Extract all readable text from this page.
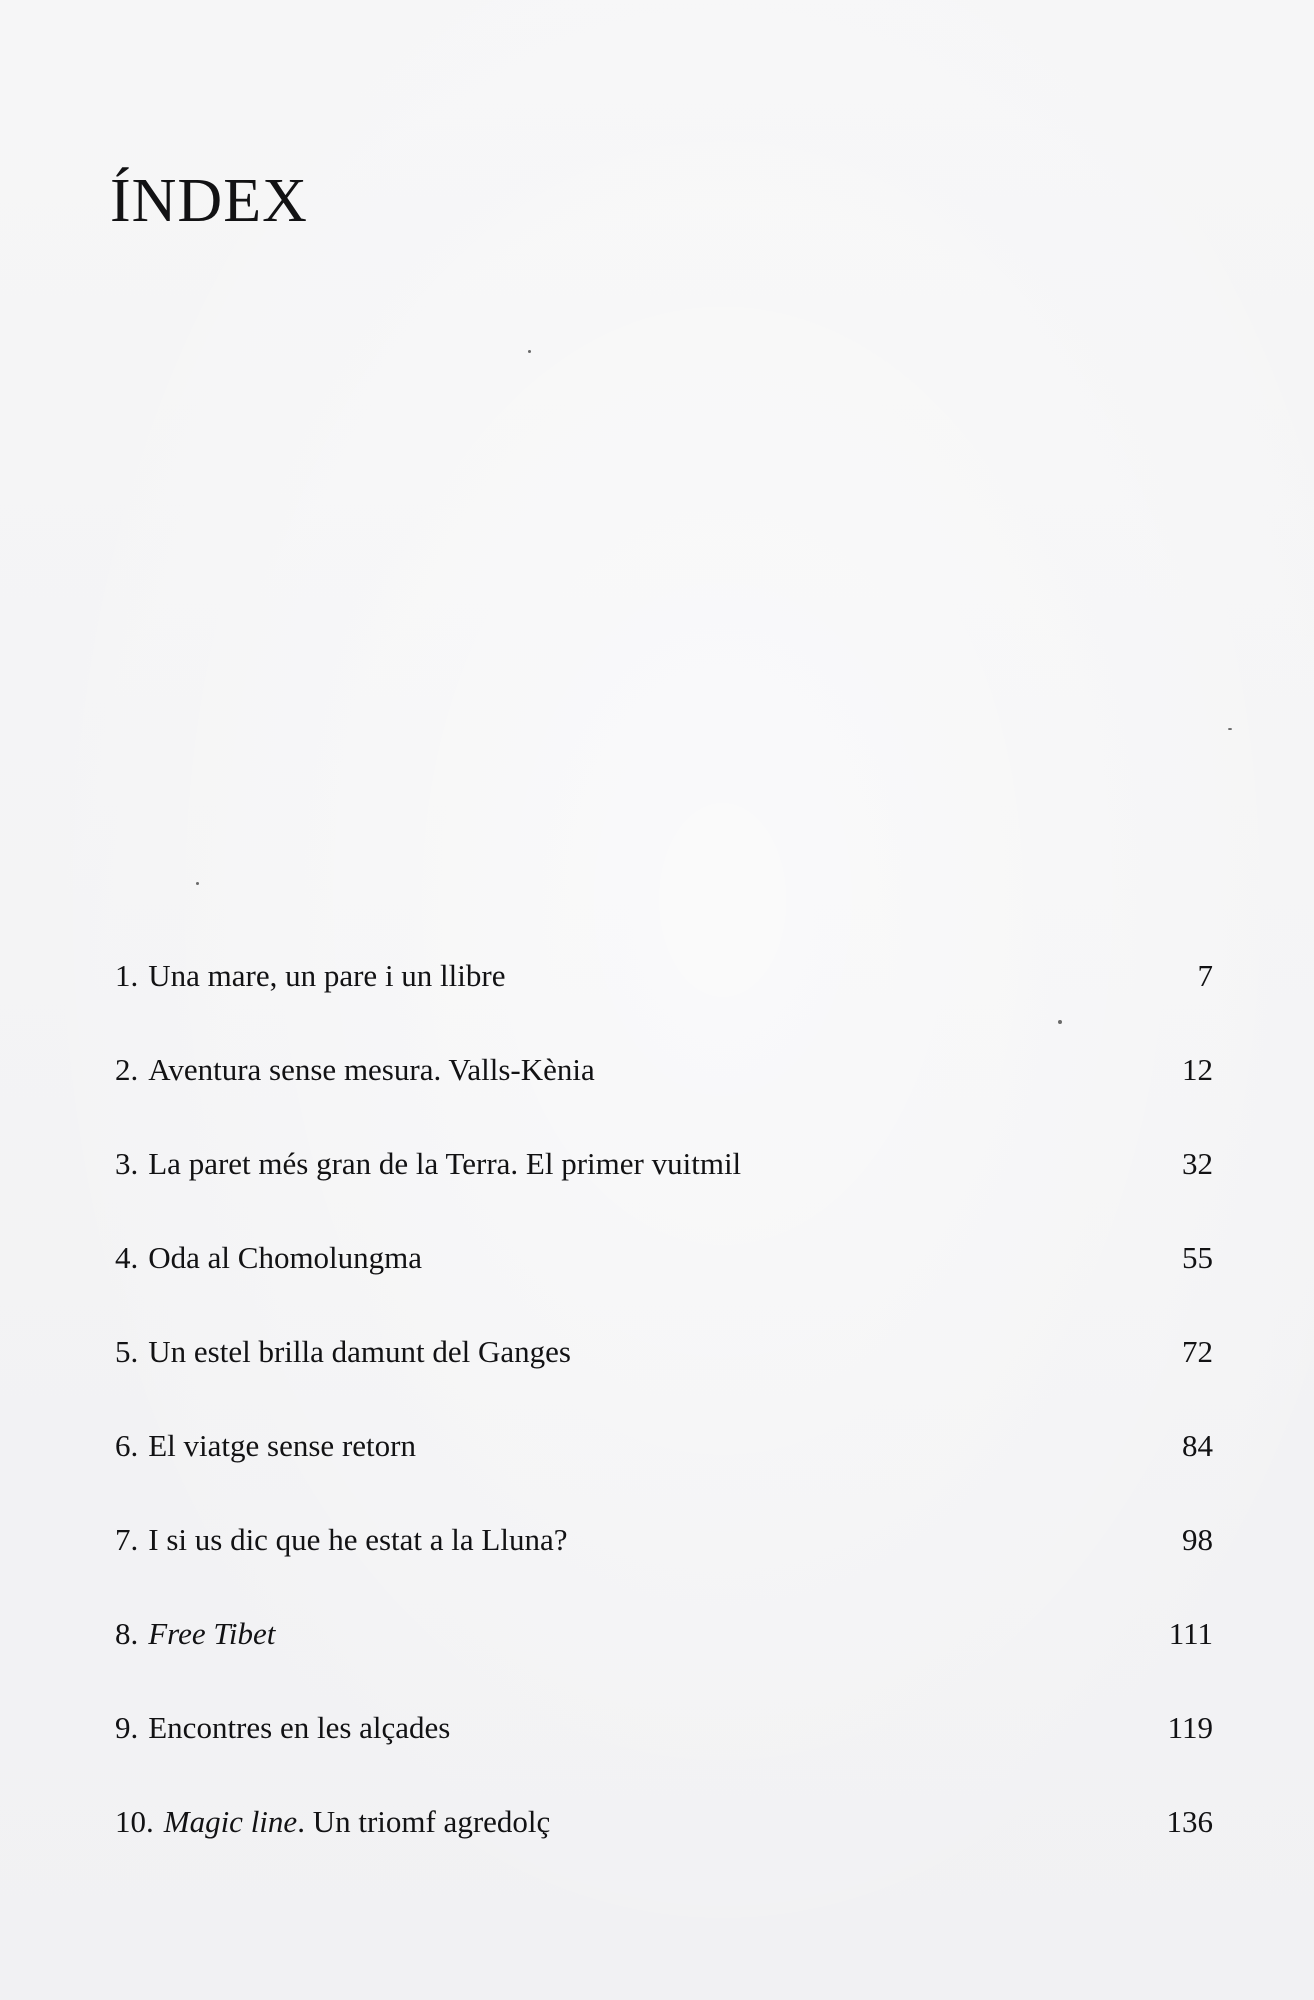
ÍNDEX
1. Una mare, un pare i un llibre	7
2. Aventura sense mesura. Valls-Kènia	12
3. La paret més gran de la Terra. El primer vuitmil	32
4. Oda al Chomolungma	55
5. Un estel brilla damunt del Ganges	72
6. El viatge sense retorn	84
7. I si us dic que he estat a la Lluna?	98
8. Free Tibet	111
9. Encontres en les alçades	119
10. Magic line . Un triomf agredolç	136
